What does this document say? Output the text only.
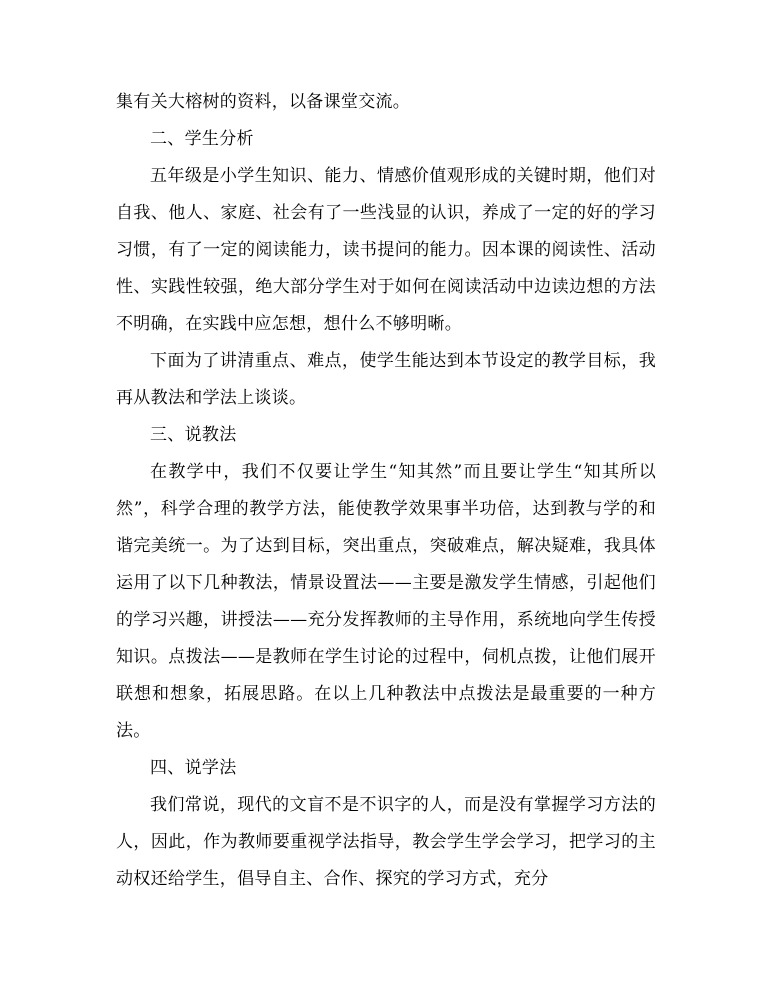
集有关大榕树的资料，以备课堂交流。

二、学生分析

五年级是小学生知识、能力、情感价值观形成的关键时期，他们对自我、他人、家庭、社会有了一些浅显的认识，养成了一定的好的学习习惯，有了一定的阅读能力，读书提问的能力。因本课的阅读性、活动性、实践性较强，绝大部分学生对于如何在阅读活动中边读边想的方法不明确，在实践中应怎想，想什么不够明晰。

下面为了讲清重点、难点，使学生能达到本节设定的教学目标，我再从教法和学法上谈谈。

三、说教法

在教学中，我们不仅要让学生“知其然”而且要让学生“知其所以然”，科学合理的教学方法，能使教学效果事半功倍，达到教与学的和谐完美统一。为了达到目标，突出重点，突破难点，解决疑难，我具体运用了以下几种教法，情景设置法——主要是激发学生情感，引起他们的学习兴趣，讲授法——充分发挥教师的主导作用，系统地向学生传授知识。点拨法——是教师在学生讨论的过程中，伺机点拨，让他们展开联想和想象，拓展思路。在以上几种教法中点拨法是最重要的一种方法。

四、说学法

我们常说，现代的文盲不是不识字的人，而是没有掌握学习方法的人，因此，作为教师要重视学法指导，教会学生学会学习，把学习的主动权还给学生，倡导自主、合作、探究的学习方式，充分
